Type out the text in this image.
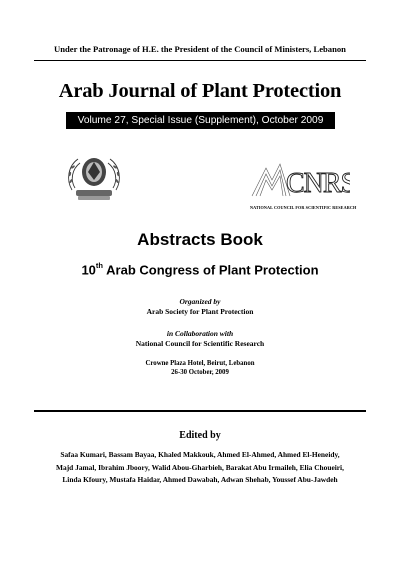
Under the Patronage of H.E. the President of the Council of Ministers, Lebanon
Arab Journal of Plant Protection
Volume 27, Special Issue (Supplement), October 2009
CNRS
NATIONAL COUNCIL FOR SCIENTIFIC RESEARCH
Abstracts Book
10th Arab Congress of Plant Protection
Organized by
Arab Society for Plant Protection
in Collaboration with
National Council for Scientific Research
Crowne Plaza Hotel, Beirut, Lebanon
26-30 October, 2009
Edited by
Safaa Kumari, Bassam Bayaa, Khaled Makkouk, Ahmed El-Ahmed, Ahmed El-Heneidy,
Majd Jamal, Ibrahim Jboory, Walid Abou-Gharbieh, Barakat Abu Irmaileh, Elia Choueiri,
Linda Kfoury, Mustafa Haidar, Ahmed Dawabah, Adwan Shehab, Youssef Abu-Jawdeh
